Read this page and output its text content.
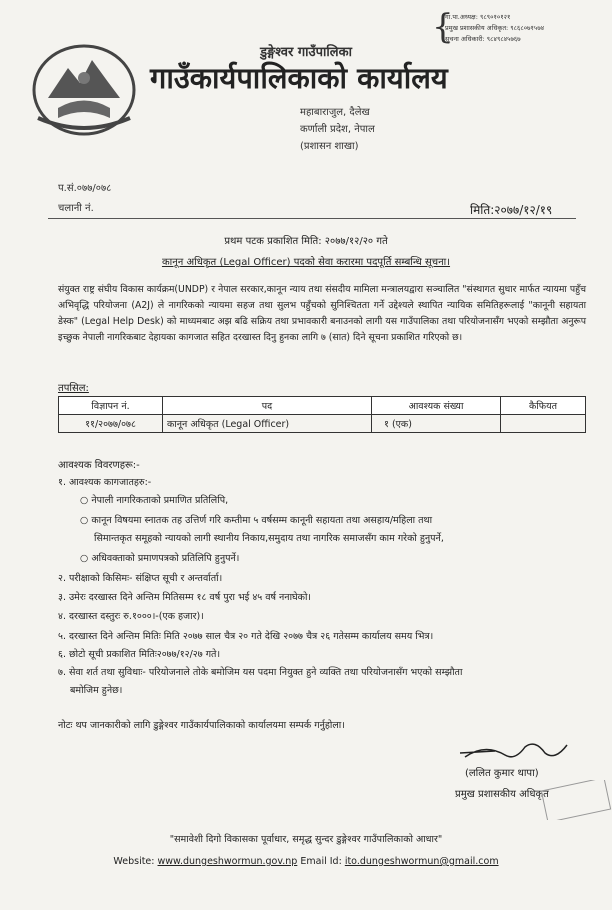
{
गा.पा.अध्यक्ष: ९८९०१०१२१
प्रमुख प्रशासकीय अधिकृत: ९८६८०७१५७४
सूचना अधिकारी: ९८४९८४५७६७
डुङ्गेश्वर गाउँपालिका
गाउँकार्यपालिकाको कार्यालय
महाबाराजुल, दैलेख
कर्णाली प्रदेश, नेपाल
(प्रशासन शाखा)
प.सं.०७७/०७८
चलानी नं.	मिति:२०७७/१२/१९
प्रथम पटक प्रकाशित मिति: २०७७/१२/२० गते
कानून अधिकृत (Legal Officer) पदको सेवा करारमा पदपूर्ति सम्बन्धि सूचना।
संयुक्त राष्ट्र संघीय विकास कार्यक्रम(UNDP) र नेपाल सरकार,कानून न्याय तथा संसदीय मामिला मन्त्रालयद्वारा सञ्चालित "संस्थागत सुधार मार्फत न्यायमा पहुँच अभिवृद्धि परियोजना (A2J) ले नागरिकको न्यायमा सहज तथा सुलभ पहुँचको सुनिश्चितता गर्ने उद्देश्यले स्थापित न्यायिक समितिहरूलाई "कानूनी सहायता डेस्क" (Legal Help Desk) को माध्यमबाट अझ बढि सक्रिय तथा प्रभावकारी बनाउनको लागी यस गाउँपालिका तथा परियोजनासँग भएको सम्झौता अनुरूप इच्छुक नेपाली नागरिकबाट देहायका कागजात सहित दरखास्त दिनु हुनका लागि ७ (सात) दिने सूचना प्रकाशित गरिएको छ।
तपसिल:
विज्ञापन नं.	पद	आवश्यक संख्या	कैफियत
११/२०७७/०७८	कानून अधिकृत (Legal Officer)	१ (एक)	
आवश्यक विवरणहरू:-
१. आवश्यक कागजातहरु:-
○ नेपाली नागरिकताको प्रमाणित प्रतिलिपि,
○ कानून विषयमा स्नातक तह उत्तिर्ण गरि कम्तीमा ५ वर्षसम्म कानूनी सहायता तथा असहाय/महिला तथा
सिमान्तकृत समूहको न्यायको लागी स्थानीय निकाय,समुदाय तथा नागरिक समाजसँग काम गरेको हुनुपर्ने,
○ अधिवक्ताको प्रमाणपत्रको प्रतिलिपि हुनुपर्ने।
२. परीक्षाको किसिमः- संक्षिप्त सूची र अन्तर्वार्ता।
३. उमेरः दरखास्त दिने अन्तिम मितिसम्म १८ वर्ष पुरा भई ४५ वर्ष ननाघेको।
४. दरखास्त दस्तुरः रु.१०००।-(एक हजार)।
५. दरखास्त दिने अन्तिम मितिः मिति २०७७ साल चैत्र २० गते देखि २०७७ चैत्र २६ गतेसम्म कार्यालय समय भित्र।
६. छोटो सूची प्रकाशित मितिः२०७७/१२/२७ गते।
७. सेवा शर्त तथा सुविधाः- परियोजनाले तोके बमोजिम यस पदमा नियुक्त हुने व्यक्ति तथा परियोजनासँग भएको सम्झौता
बमोजिम हुनेछ।
नोटः थप जानकारीको लागि डुङ्गेश्वर गाउँकार्यपालिकाको कार्यालयमा सम्पर्क गर्नुहोला।
(ललित कुमार थापा)
प्रमुख प्रशासकीय अधिकृत
"समावेशी दिगो विकासका पूर्वाधार, समृद्ध सुन्दर डुङ्गेश्वर गाउँपालिकाको आधार"
Website: www.dungeshwormun.gov.np Email Id: ito.dungeshwormun@gmail.com
